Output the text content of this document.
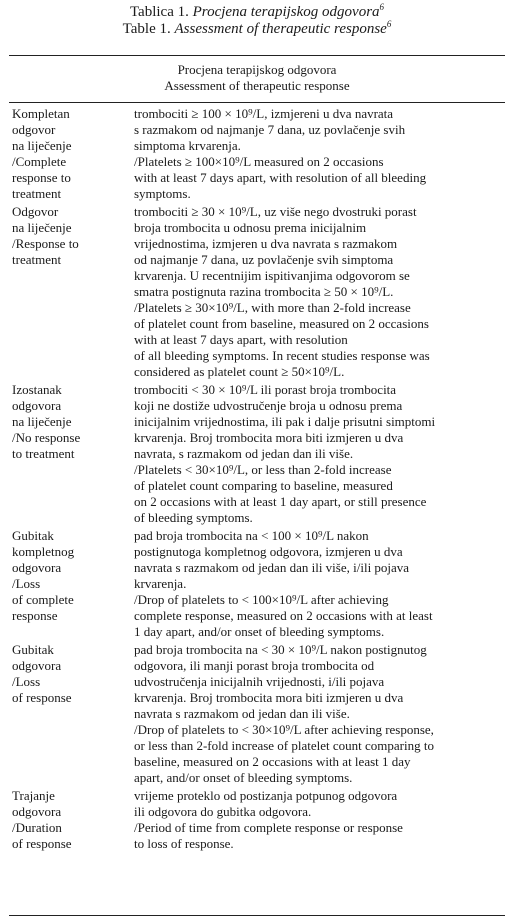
Tablica 1. Procjena terapijskog odgovora$^6$
Table 1. Assessment of therapeutic response$^6$
Procjena terapijskog odgovora
Assessment of therapeutic response
Kompletan
odgovor
na liječenje
/Complete
response to
treatment
trombociti ≥ 100 × 10⁹/L, izmjereni u dva navrata
s razmakom od najmanje 7 dana, uz povlačenje svih
simptoma krvarenja.
/Platelets ≥ 100×10⁹/L measured on 2 occasions
with at least 7 days apart, with resolution of all bleeding
symptoms.
Odgovor
na liječenje
/Response to
treatment
trombociti ≥ 30 × 10⁹/L, uz više nego dvostruki porast
broja trombocita u odnosu prema inicijalnim
vrijednostima, izmjeren u dva navrata s razmakom
od najmanje 7 dana, uz povlačenje svih simptoma
krvarenja. U recentnijim ispitivanjima odgovorom se
smatra postignuta razina trombocita ≥ 50 × 10⁹/L.
/Platelets ≥ 30×10⁹/L, with more than 2-fold increase
of platelet count from baseline, measured on 2 occasions
with at least 7 days apart, with resolution
of all bleeding symptoms. In recent studies response was
considered as platelet count ≥ 50×10⁹/L.
Izostanak
odgovora
na liječenje
/No response
to treatment
trombociti < 30 × 10⁹/L ili porast broja trombocita
koji ne dostiže udvostručenje broja u odnosu prema
inicijalnim vrijednostima, ili pak i dalje prisutni simptomi
krvarenja. Broj trombocita mora biti izmjeren u dva
navrata, s razmakom od jedan dan ili više.
/Platelets < 30×10⁹/L, or less than 2-fold increase
of platelet count comparing to baseline, measured
on 2 occasions with at least 1 day apart, or still presence
of bleeding symptoms.
Gubitak
kompletnog
odgovora
/Loss
of complete
response
pad broja trombocita na < 100 × 10⁹/L nakon
postignutoga kompletnog odgovora, izmjeren u dva
navrata s razmakom od jedan dan ili više, i/ili pojava
krvarenja.
/Drop of platelets to < 100×10⁹/L after achieving
complete response, measured on 2 occasions with at least
1 day apart, and/or onset of bleeding symptoms.
Gubitak
odgovora
/Loss
of response
pad broja trombocita na < 30 × 10⁹/L nakon postignutog
odgovora, ili manji porast broja trombocita od
udvostručenja inicijalnih vrijednosti, i/ili pojava
krvarenja. Broj trombocita mora biti izmjeren u dva
navrata s razmakom od jedan dan ili više.
/Drop of platelets to < 30×10⁹/L after achieving response,
or less than 2-fold increase of platelet count comparing to
baseline, measured on 2 occasions with at least 1 day
apart, and/or onset of bleeding symptoms.
Trajanje
odgovora
/Duration
of response
vrijeme proteklo od postizanja potpunog odgovora
ili odgovora do gubitka odgovora.
/Period of time from complete response or response
to loss of response.
